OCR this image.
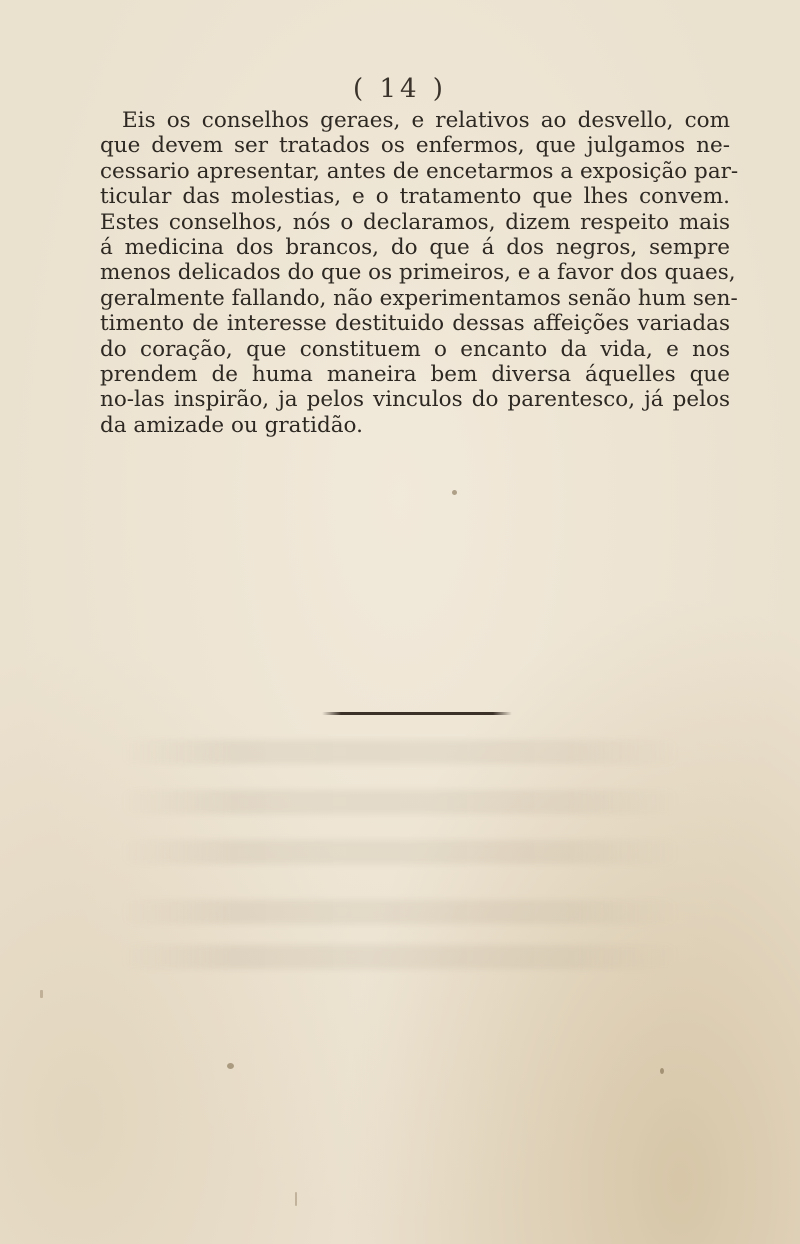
( 14 )
Eis os conselhos geraes, e relativos ao desvello, com
que devem ser tratados os enfermos, que julgamos ne-
cessario apresentar, antes de encetarmos a exposição par-
ticular das molestias, e o tratamento que lhes convem.
Estes conselhos, nós o declaramos, dizem respeito mais
á medicina dos brancos, do que á dos negros, sempre
menos delicados do que os primeiros, e a favor dos quaes,
geralmente fallando, não experimentamos senão hum sen-
timento de interesse destituido dessas affeições variadas
do coração, que constituem o encanto da vida, e nos
prendem de huma maneira bem diversa áquelles que
no-las inspirão, ja pelos vinculos do parentesco, já pelos
da amizade ou gratidão.
